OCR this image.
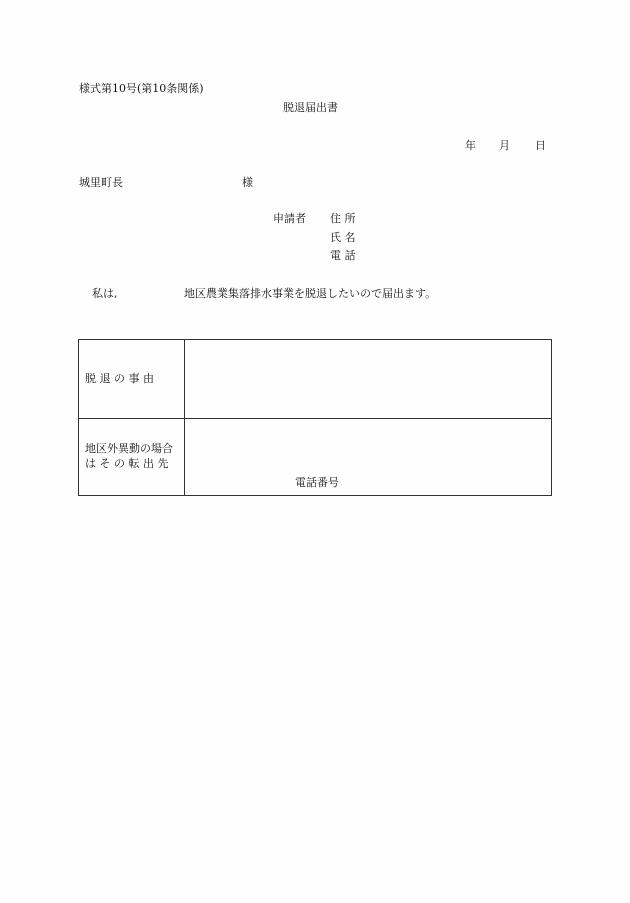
様式第10号(第10条関係)
脱退届出書
年 月 日
城里町長	様
申請者 住 所
氏 名
電 話
私は,	地区農業集落排水事業を脱退したいので届出ます。
脱 退 の 事 由
地区外異動の場合
は そ の 転 出 先
電話番号
